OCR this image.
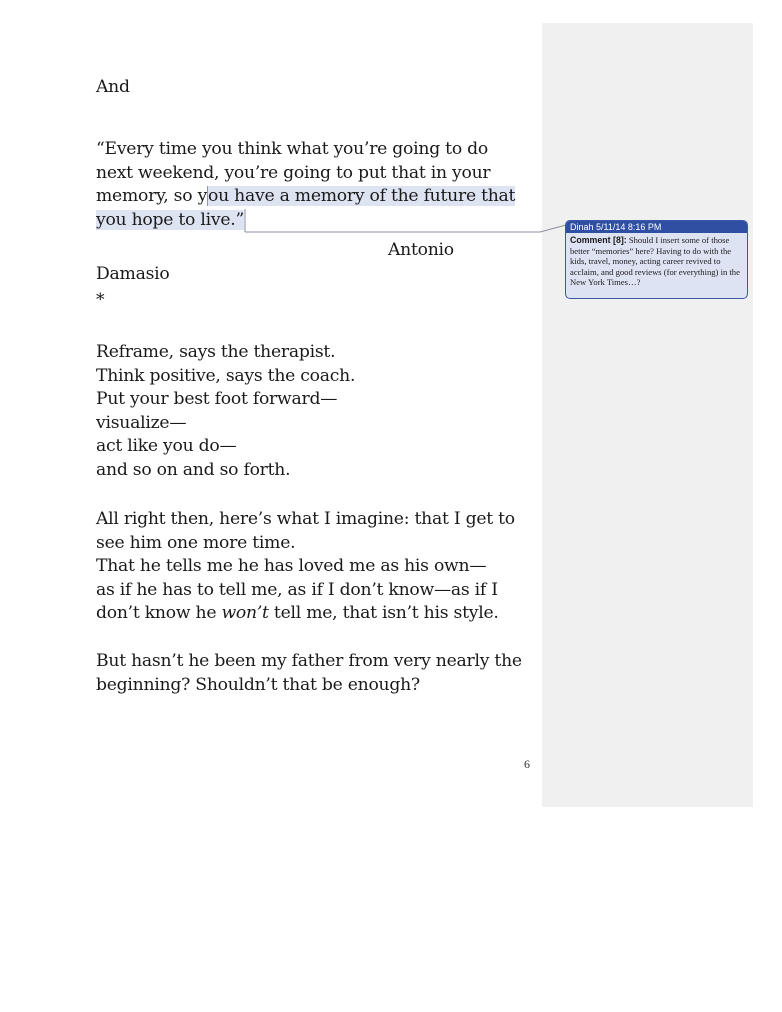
And
“Every time you think what you’re going to do
next weekend, you’re going to put that in your
memory, so you have a memory of the future that
you hope to live.”
Antonio
Damasio
*
Reframe, says the therapist.
Think positive, says the coach.
Put your best foot forward—
visualize—
act like you do—
and so on and so forth.
All right then, here’s what I imagine: that I get to
see him one more time.
That he tells me he has loved me as his own—
as if he has to tell me, as if I don’t know—as if I
don’t know he won’t tell me, that isn’t his style.
But hasn’t he been my father from very nearly the
beginning? Shouldn’t that be enough?
Dinah 5/11/14 8:16 PM
Comment [8]: Should I insert some of those better “memories” here? Having to do with the kids, travel, money, acting career revived to acclaim, and good reviews (for everything) in the New York Times…?
6
